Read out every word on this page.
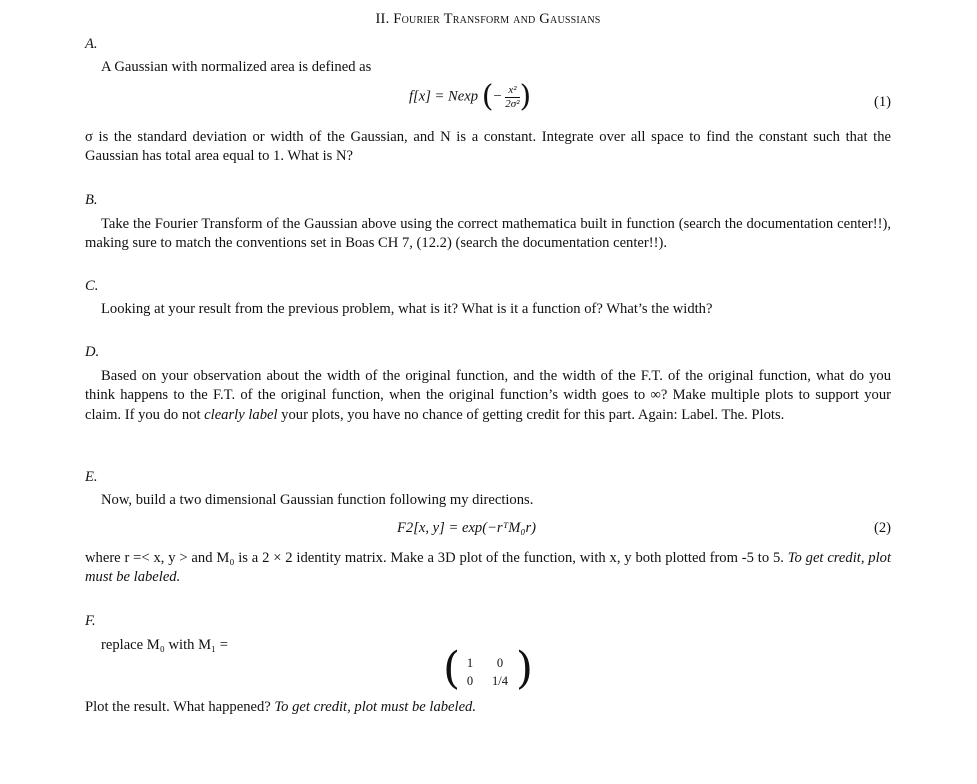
II. Fourier Transform and Gaussians
A.
A Gaussian with normalized area is defined as
f[x] = Nexp (− $\frac{\text{x²}}{\text{2σ²}}$ )	(1)
σ is the standard deviation or width of the Gaussian, and N is a constant. Integrate over all space to find the constant such that the Gaussian has total area equal to 1. What is N?
B.
Take the Fourier Transform of the Gaussian above using the correct mathematica built in function (search the documentation center!!), making sure to match the conventions set in Boas CH 7, (12.2) (search the documentation center!!).
C.
Looking at your result from the previous problem, what is it? What is it a function of? What’s the width?
D.
Based on your observation about the width of the original function, and the width of the F.T. of the original function, what do you think happens to the F.T. of the original function, when the original function’s width goes to ∞? Make multiple plots to support your claim. If you do not clearly label your plots, you have no chance of getting credit for this part. Again: Label. The. Plots.
E.
Now, build a two dimensional Gaussian function following my directions.
F2[x, y] = exp(−rᵀM₀r)	(2)
where r =< x, y > and M₀ is a 2 × 2 identity matrix. Make a 3D plot of the function, with x, y both plotted from -5 to 5. To get credit, plot must be labeled.
F.
replace M₀ with M₁ =	( 1	0
0	1/4 )
Plot the result. What happened? To get credit, plot must be labeled.
